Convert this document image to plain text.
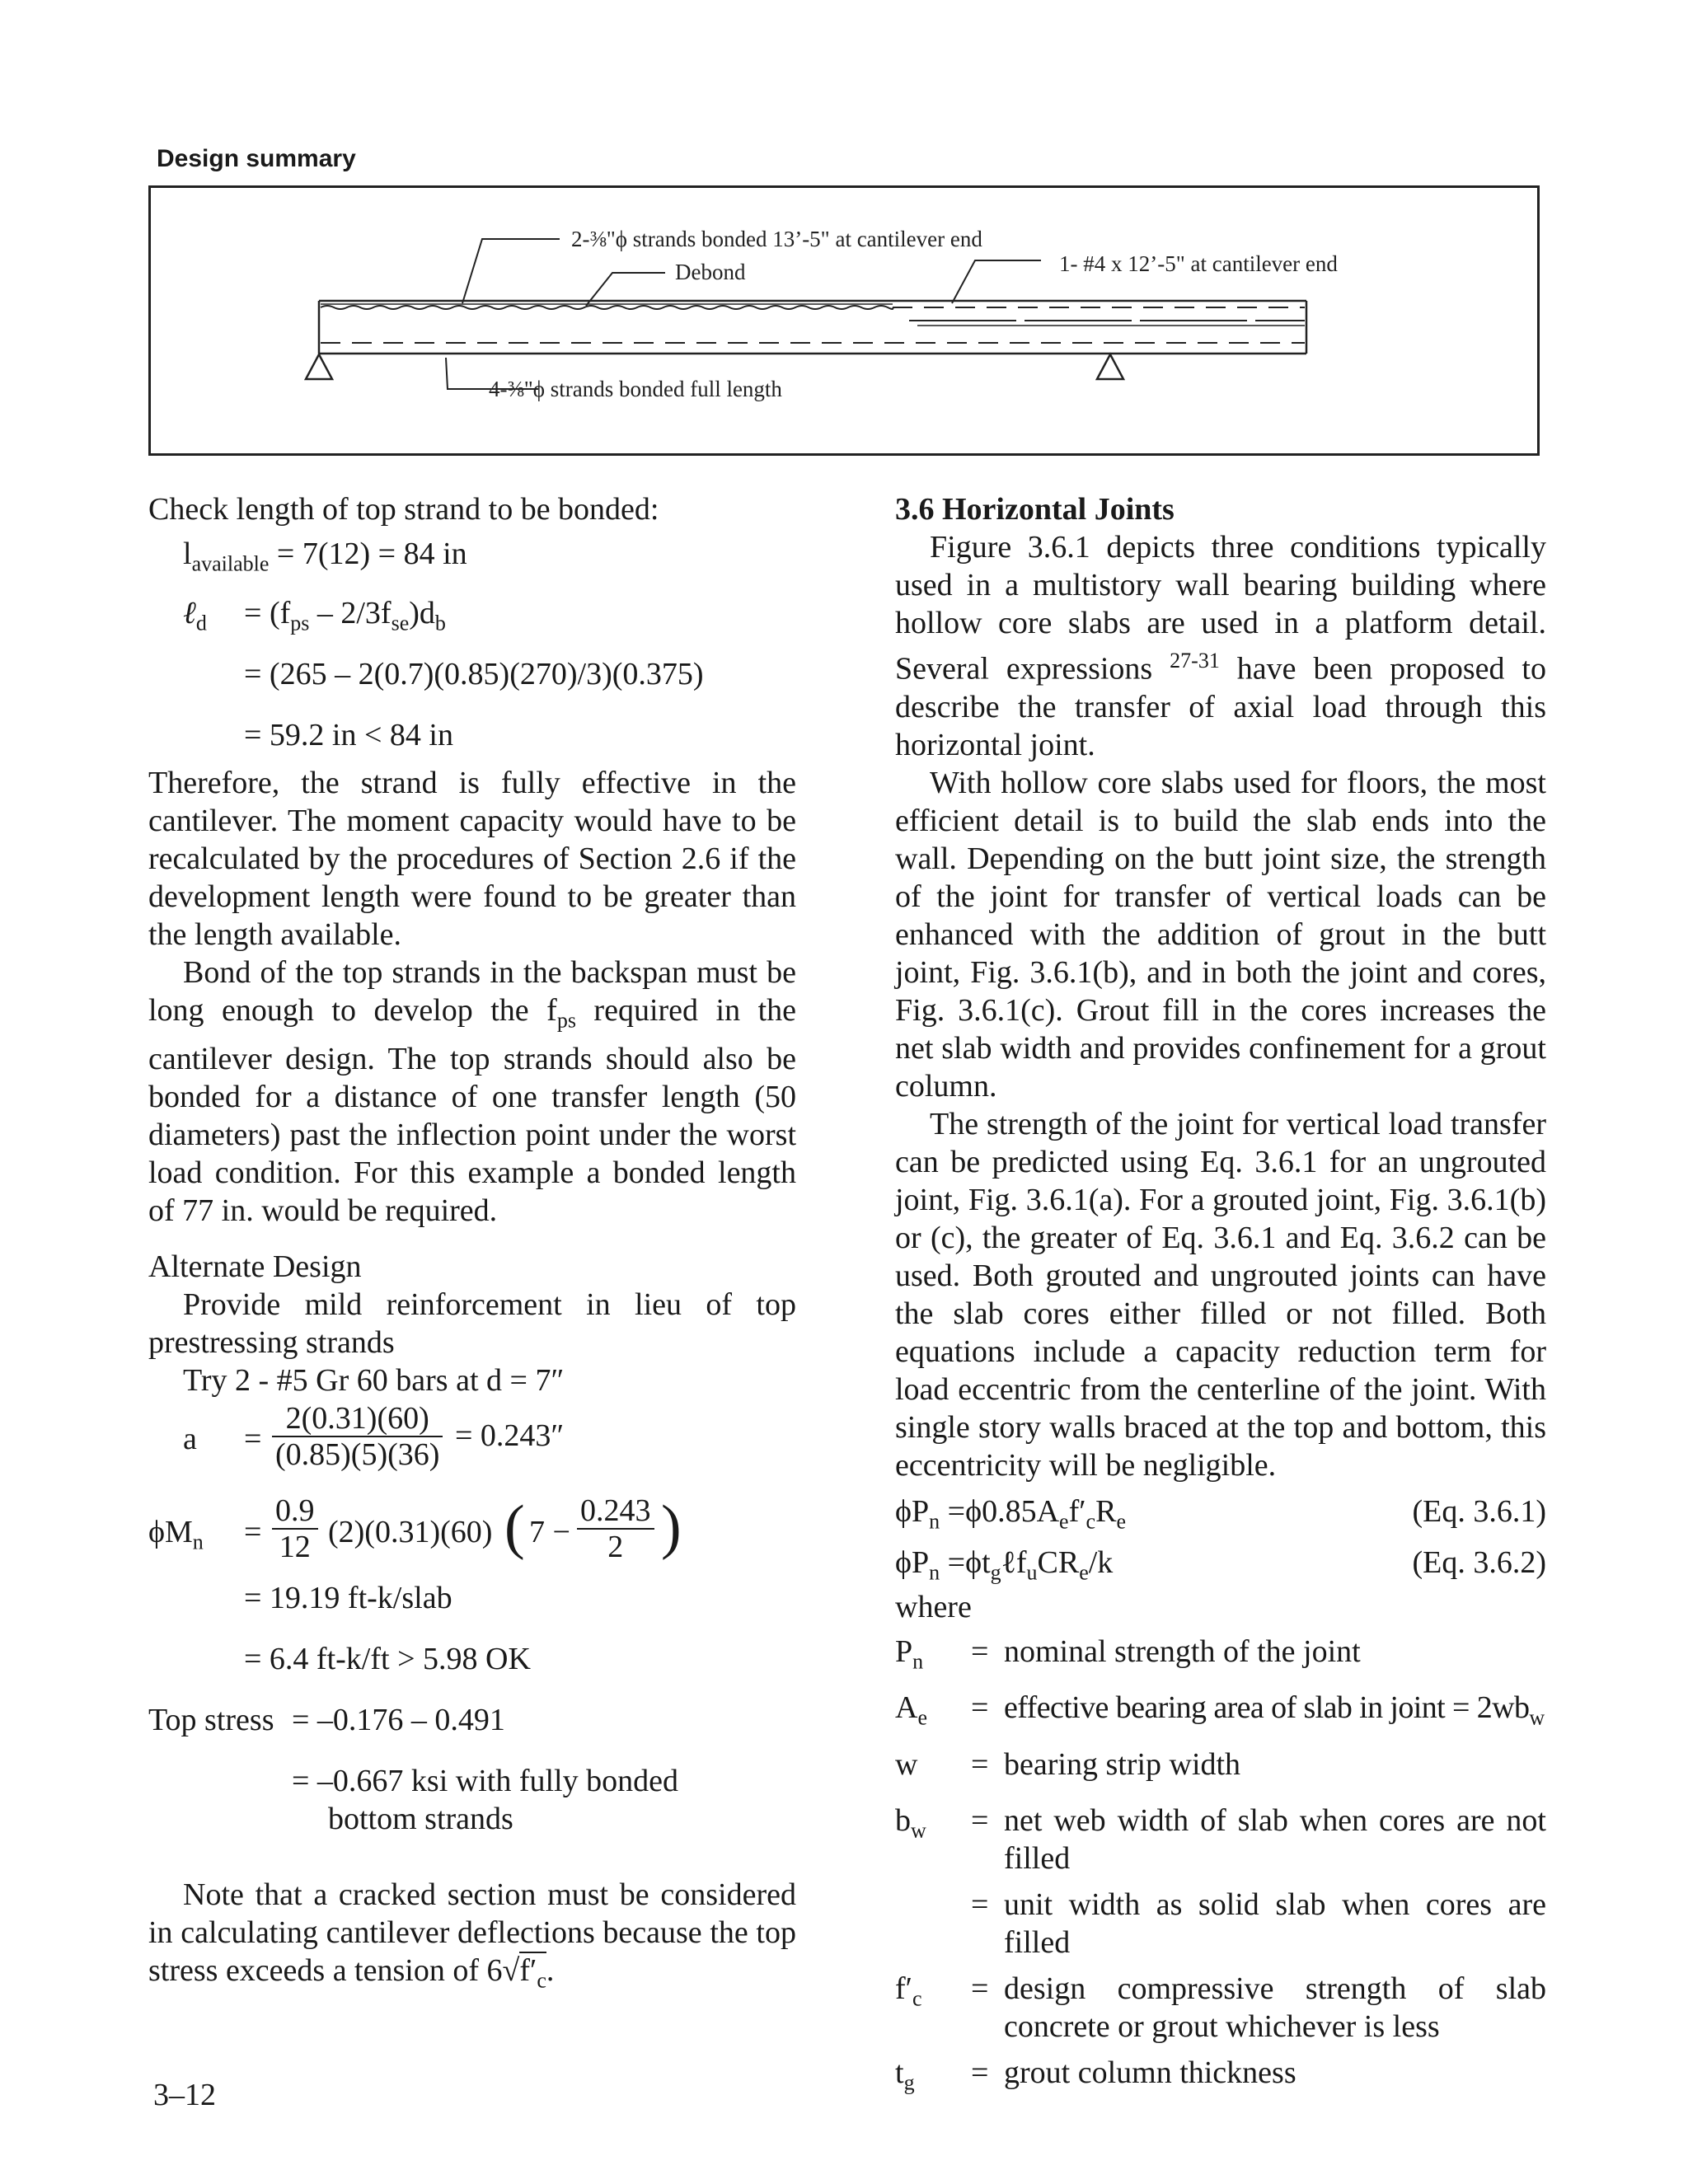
Design summary
2-⅜"ϕ strands bonded 13’-5" at cantilever end
Debond	1- #4 x 12’-5" at cantilever end
4-⅜"ϕ strands bonded full length

Check length of top strand to be bonded:

$l_{available} = 7(12) = 84$ in
ℓ$_d$ = $(f_{ps} - 2/3f_{se})d_b$
= (265 – 2(0.7)(0.85)(270)/3)(0.375)
= 59.2 in < 84 in

Therefore, the strand is fully effective in the cantilever. The moment capacity would have to be recalculated by the procedures of Section 2.6 if the development length were found to be greater than the length available.

Bond of the top strands in the backspan must be long enough to develop the $f_{ps}$ required in the cantilever design. The top strands should also be bonded for a distance of one transfer length (50 diameters) past the inflection point under the worst load condition. For this example a bonded length of 77 in. would be required.

Alternate Design

Provide mild reinforcement in lieu of top prestressing strands

Try 2 - #5 Gr 60 bars at d = 7″

$a = \frac{2(0.31)(60)}{(0.85)(5)(36)} = 0.243''$
$\phi M_n = \frac{0.9}{12} (2)(0.31)(60)$ ( $7 - \frac{0.243}{2}$ )
= 19.19 ft-k/slab
= 6.4 ft-k/ft > 5.98 OK
Top stress = –0.176 – 0.491
= –0.667 ksi with fully bonded
bottom strands

Note that a cracked section must be considered in calculating cantilever deflections because the top stress exceeds a tension of $6√f'_c$.

3.6 Horizontal Joints

Figure 3.6.1 depicts three conditions typically used in a multistory wall bearing building where hollow core slabs are used in a platform detail. Several expressions $^{27-31}$ have been proposed to describe the transfer of axial load through this horizontal joint.

With hollow core slabs used for floors, the most efficient detail is to build the slab ends into the wall. Depending on the butt joint size, the strength of the joint for transfer of vertical loads can be enhanced with the addition of grout in the butt joint, Fig. 3.6.1(b), and in both the joint and cores, Fig. 3.6.1(c). Grout fill in the cores increases the net slab width and provides confinement for a grout column.

The strength of the joint for vertical load transfer can be predicted using Eq. 3.6.1 for an ungrouted joint, Fig. 3.6.1(a). For a grouted joint, Fig. 3.6.1(b) or (c), the greater of Eq. 3.6.1 and Eq. 3.6.2 can be used. Both grouted and ungrouted joints can have the slab cores either filled or not filled. Both equations include a capacity reduction term for load eccentric from the centerline of the joint. With single story walls braced at the top and bottom, this eccentricity will be negligible.

$\phi P_n =\phi 0.85A_ef'_cR_e$	(Eq. 3.6.1)
$\phi P_n$ $=\phi t_g\ell f_uCR_e/k$	(Eq. 3.6.2)

where

$P_n$	= nominal strength of the joint
$A_e$	= effective bearing area of slab in joint = $2wb_w$
w	= bearing strip width
$b_w$	= net web width of slab when cores are not filled
= unit width as solid slab when cores are filled
$f'_c$	= design compressive strength of slab concrete or grout whichever is less
$t_g$	= grout column thickness
3–12
